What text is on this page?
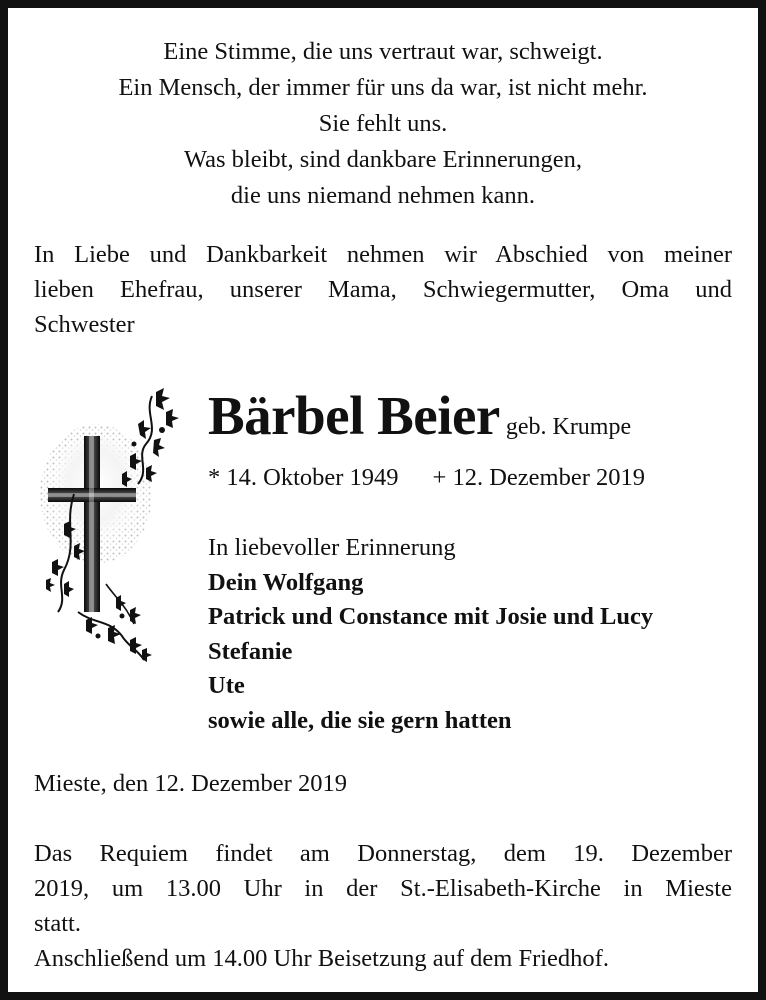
Eine Stimme, die uns vertraut war, schweigt.
Ein Mensch, der immer für uns da war, ist nicht mehr.
Sie fehlt uns.
Was bleibt, sind dankbare Erinnerungen,
die uns niemand nehmen kann.
In Liebe und Dankbarkeit nehmen wir Abschied von meiner
lieben Ehefrau, unserer Mama, Schwiegermutter, Oma und
Schwester
Bärbel Beier geb. Krumpe
* 14. Oktober 1949 + 12. Dezember 2019
In liebevoller Erinnerung
Dein Wolfgang
Patrick und Constance mit Josie und Lucy
Stefanie
Ute
sowie alle, die sie gern hatten
Mieste, den 12. Dezember 2019
Das Requiem findet am Donnerstag, dem 19. Dezember
2019, um 13.00 Uhr in der St.-Elisabeth-Kirche in Mieste
statt.
Anschließend um 14.00 Uhr Beisetzung auf dem Friedhof.
